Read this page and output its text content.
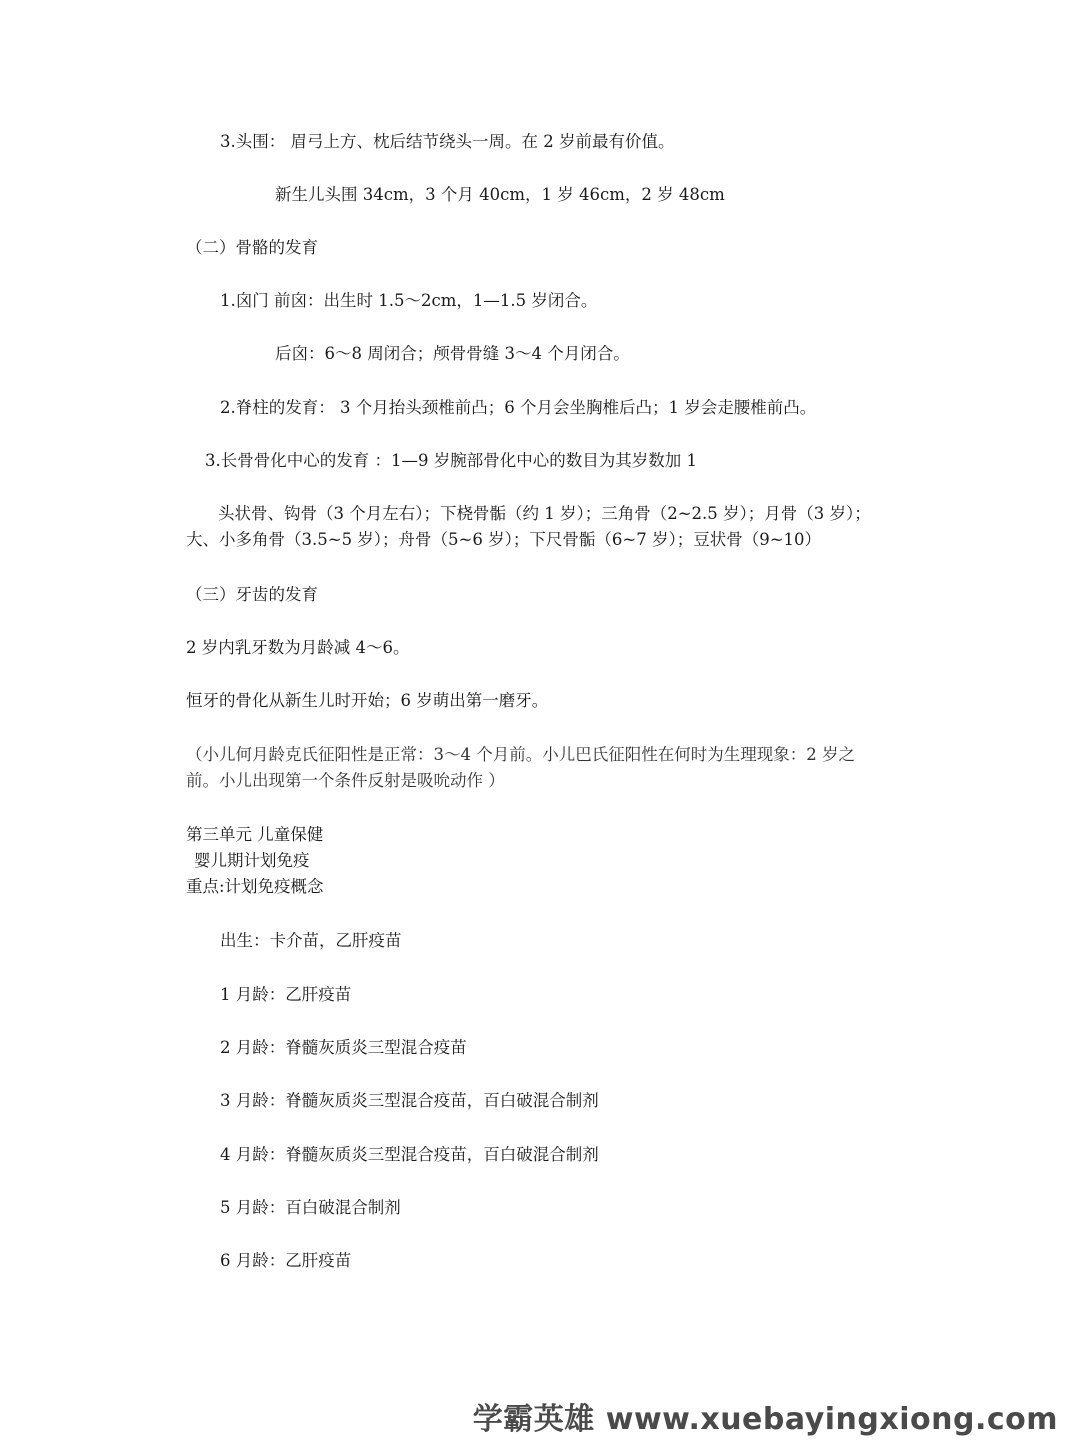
3.头围： 眉弓上方、枕后结节绕头一周。在 2 岁前最有价值。
新生儿头围 34cm，3 个月 40cm，1 岁 46cm，2 岁 48cm
（二）骨骼的发育
1.囟门 前囟：出生时 1.5～2cm，1—1.5 岁闭合。
后囟：6～8 周闭合；颅骨骨缝 3～4 个月闭合。
2.脊柱的发育： 3 个月抬头颈椎前凸；6 个月会坐胸椎后凸；1 岁会走腰椎前凸。
3.长骨骨化中心的发育 ：1—9 岁腕部骨化中心的数目为其岁数加 1
头状骨、钩骨（3 个月左右）；下桡骨骺（约 1 岁）；三角骨（2~2.5 岁）；月骨（3 岁）；
大、小多角骨（3.5~5 岁）；舟骨（5~6 岁）；下尺骨骺（6~7 岁）；豆状骨（9~10）
（三）牙齿的发育
2 岁内乳牙数为月龄减 4～6。
恒牙的骨化从新生儿时开始；6 岁萌出第一磨牙。
（小儿何月龄克氏征阳性是正常：3～4 个月前。小儿巴氏征阳性在何时为生理现象：2 岁之
前。小儿出现第一个条件反射是吸吮动作 ）
第三单元 儿童保健
婴儿期计划免疫
重点:计划免疫概念
出生：卡介苗，乙肝疫苗
1 月龄：乙肝疫苗
2 月龄：脊髓灰质炎三型混合疫苗
3 月龄：脊髓灰质炎三型混合疫苗，百白破混合制剂
4 月龄：脊髓灰质炎三型混合疫苗，百白破混合制剂
5 月龄：百白破混合制剂
6 月龄：乙肝疫苗
学霸英雄 www.xuebayingxiong.com
